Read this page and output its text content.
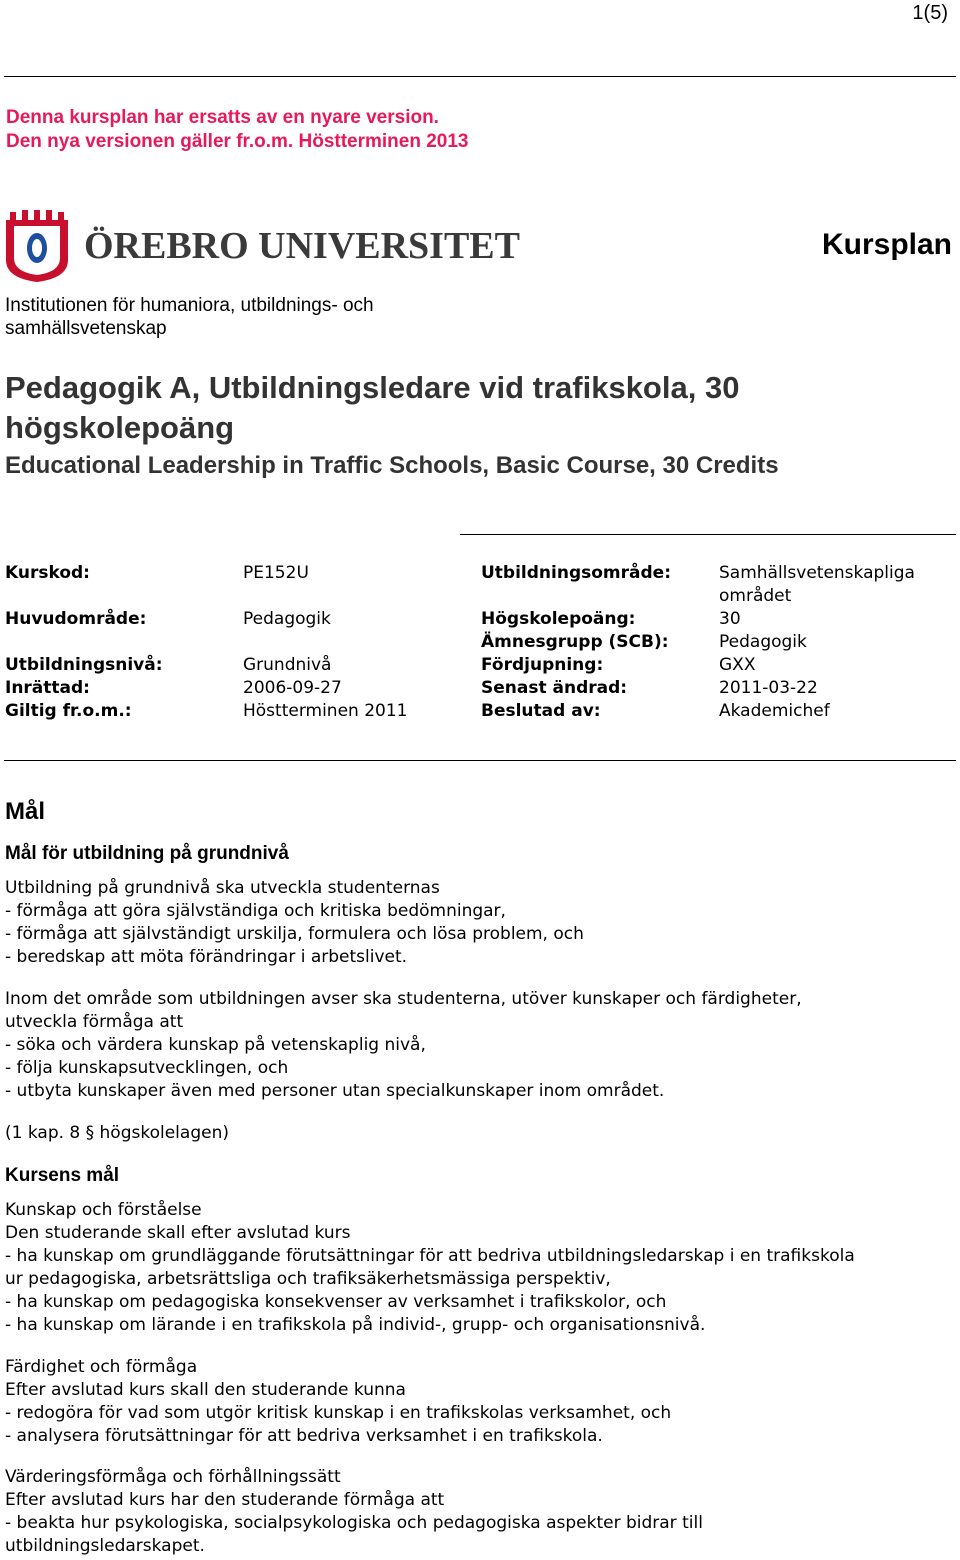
1(5)
Denna kursplan har ersatts av en nyare version.
Den nya versionen gäller fr.o.m. Höstterminen 2013
ÖREBRO UNIVERSITET	Kursplan
Institutionen för humaniora, utbildnings- och samhällsvetenskap
Pedagogik A, Utbildningsledare vid trafikskola, 30 högskolepoäng
Educational Leadership in Traffic Schools, Basic Course, 30 Credits
Kurskod:	PE152U
Huvudområde:	Pedagogik
Utbildningsnivå:	Grundnivå
Inrättad:	2006-09-27
Giltig fr.o.m.:	Höstterminen 2011
Utbildningsområde:	Samhällsvetenskapliga området
Högskolepoäng:	30
Ämnesgrupp (SCB):	Pedagogik
Fördjupning:	GXX
Senast ändrad:	2011-03-22
Beslutad av:	Akademichef
Mål
Mål för utbildning på grundnivå
Utbildning på grundnivå ska utveckla studenternas
- förmåga att göra självständiga och kritiska bedömningar,
- förmåga att självständigt urskilja, formulera och lösa problem, och
- beredskap att möta förändringar i arbetslivet.
Inom det område som utbildningen avser ska studenterna, utöver kunskaper och färdigheter,
utveckla förmåga att
- söka och värdera kunskap på vetenskaplig nivå,
- följa kunskapsutvecklingen, och
- utbyta kunskaper även med personer utan specialkunskaper inom området.
(1 kap. 8 § högskolelagen)
Kursens mål
Kunskap och förståelse
Den studerande skall efter avslutad kurs
- ha kunskap om grundläggande förutsättningar för att bedriva utbildningsledarskap i en trafikskola
ur pedagogiska, arbetsrättsliga och trafiksäkerhetsmässiga perspektiv,
- ha kunskap om pedagogiska konsekvenser av verksamhet i trafikskolor, och
- ha kunskap om lärande i en trafikskola på individ-, grupp- och organisationsnivå.
Färdighet och förmåga
Efter avslutad kurs skall den studerande kunna
- redogöra för vad som utgör kritisk kunskap i en trafikskolas verksamhet, och
- analysera förutsättningar för att bedriva verksamhet i en trafikskola.
Värderingsförmåga och förhållningssätt
Efter avslutad kurs har den studerande förmåga att
- beakta hur psykologiska, socialpsykologiska och pedagogiska aspekter bidrar till
utbildningsledarskapet.
